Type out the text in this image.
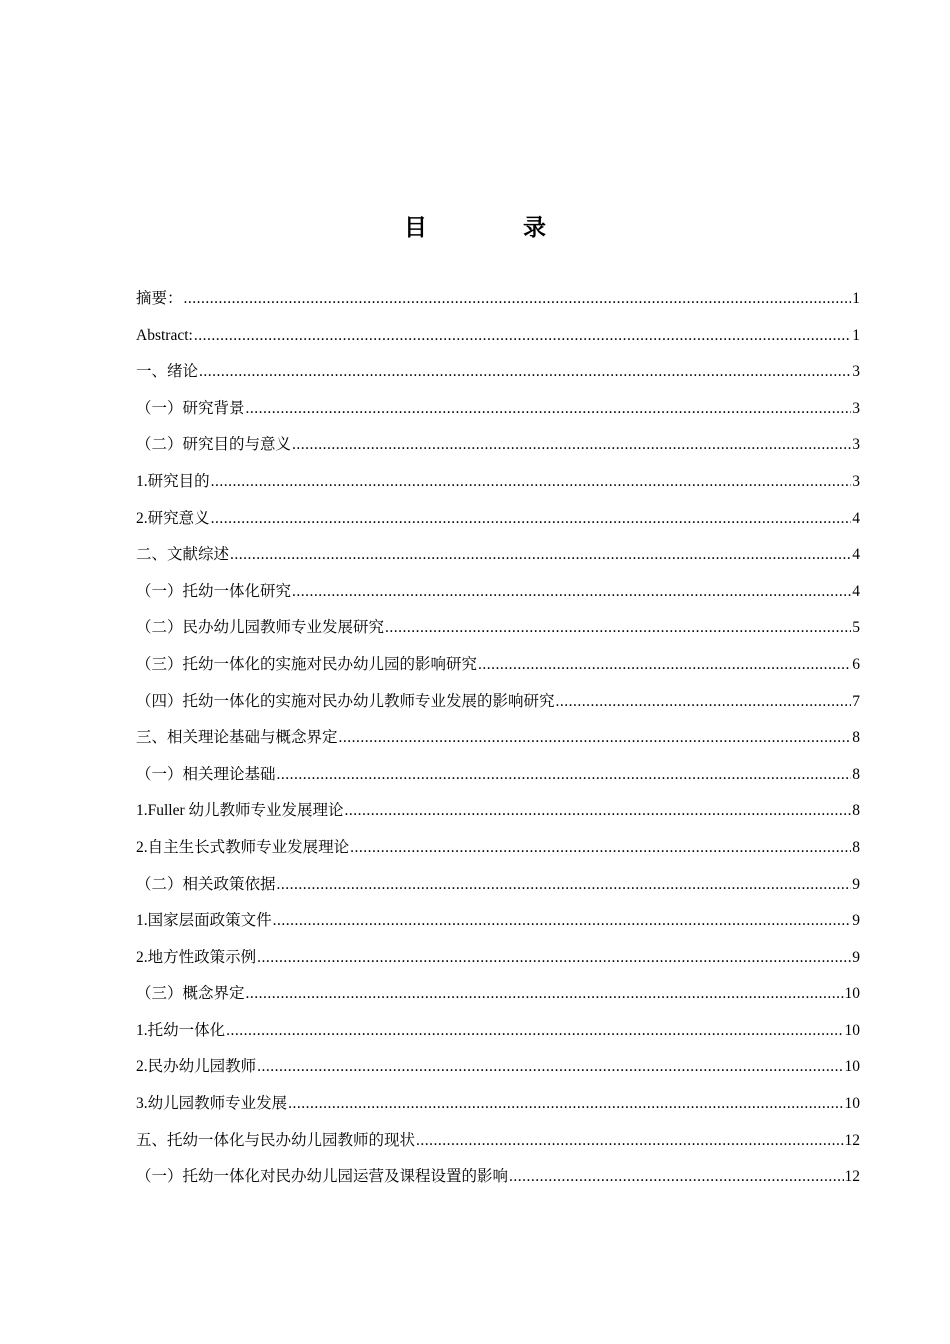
目 录
摘要： .....	1
Abstract: .....	1
一、绪论 .....	3
（一）研究背景 .....	3
（二）研究目的与意义 .....	3
1.研究目的 .....	3
2.研究意义 .....	4
二、文献综述 .....	4
（一）托幼一体化研究 .....	4
（二）民办幼儿园教师专业发展研究 .....	5
（三）托幼一体化的实施对民办幼儿园的影响研究 .....	6
（四）托幼一体化的实施对民办幼儿教师专业发展的影响研究 .....	7
三、相关理论基础与概念界定 .....	8
（一）相关理论基础 .....	8
1.Fuller 幼儿教师专业发展理论 .....	8
2.自主生长式教师专业发展理论 .....	8
（二）相关政策依据 .....	9
1.国家层面政策文件 .....	9
2.地方性政策示例 .....	9
（三）概念界定 .....	10
1.托幼一体化 .....	10
2.民办幼儿园教师 .....	10
3.幼儿园教师专业发展 .....	10
五、托幼一体化与民办幼儿园教师的现状 .....	12
（一）托幼一体化对民办幼儿园运营及课程设置的影响 .....	12
